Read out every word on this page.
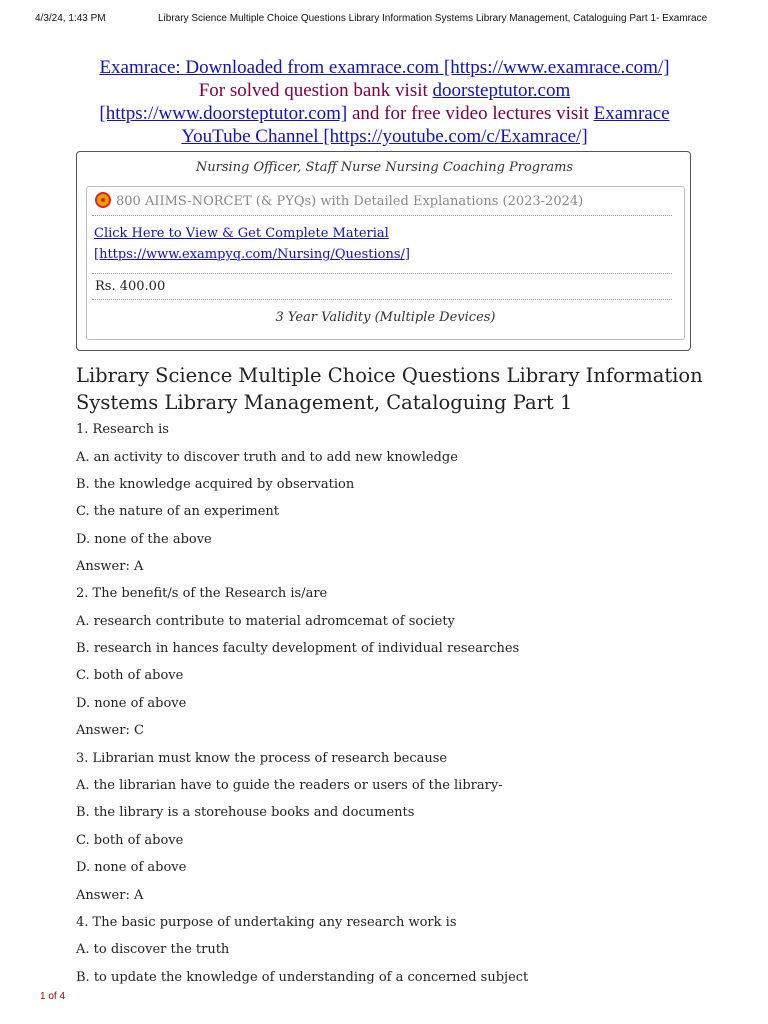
4/3/24, 1:43 PM	Library Science Multiple Choice Questions Library Information Systems Library Management, Cataloguing Part 1- Examrace
Examrace: Downloaded from examrace.com [https://www.examrace.com/]
For solved question bank visit doorsteptutor.com
[https://www.doorsteptutor.com] and for free video lectures visit Examrace
YouTube Channel [https://youtube.com/c/Examrace/]
Nursing Officer, Staff Nurse Nursing Coaching Programs
800 AIIMS-NORCET (& PYQs) with Detailed Explanations (2023-2024)
Click Here to View & Get Complete Material
[https://www.exampyq.com/Nursing/Questions/]
Rs. 400.00
3 Year Validity (Multiple Devices)
Library Science Multiple Choice Questions Library Information Systems Library Management, Cataloguing Part 1
1. Research is
A. an activity to discover truth and to add new knowledge
B. the knowledge acquired by observation
C. the nature of an experiment
D. none of the above
Answer: A
2. The benefit/s of the Research is/are
A. research contribute to material adromcemat of society
B. research in hances faculty development of individual researches
C. both of above
D. none of above
Answer: C
3. Librarian must know the process of research because
A. the librarian have to guide the readers or users of the library-
B. the library is a storehouse books and documents
C. both of above
D. none of above
Answer: A
4. The basic purpose of undertaking any research work is
A. to discover the truth
B. to update the knowledge of understanding of a concerned subject
1 of 4
